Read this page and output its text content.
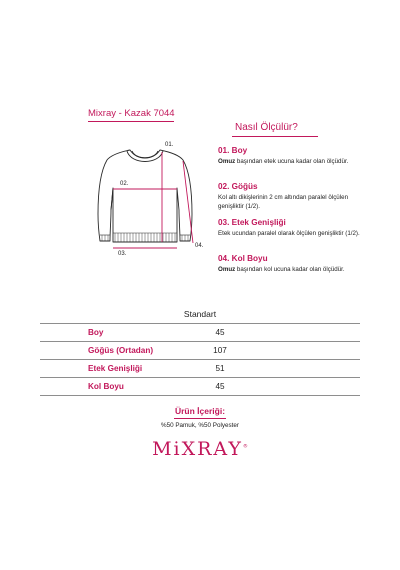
Mixray - Kazak 7044
01.
02.
03.
04.
Nasıl Ölçülür?
01. Boy
Omuz başından etek ucuna kadar olan ölçüdür.
02. Göğüs
Kol altı dikişlerinin 2 cm altından paralel ölçülen genişliktir (1/2).
03. Etek Genişliği
Etek ucundan paralel olarak ölçülen genişliktir (1/2).
04. Kol Boyu
Omuz başından kol ucuna kadar olan ölçüdür.
Standart
Boy	45
Göğüs (Ortadan)	107
Etek Genişliği	51
Kol Boyu	45
Ürün İçeriği:
%50 Pamuk, %50 Polyester
MiXRAY®
